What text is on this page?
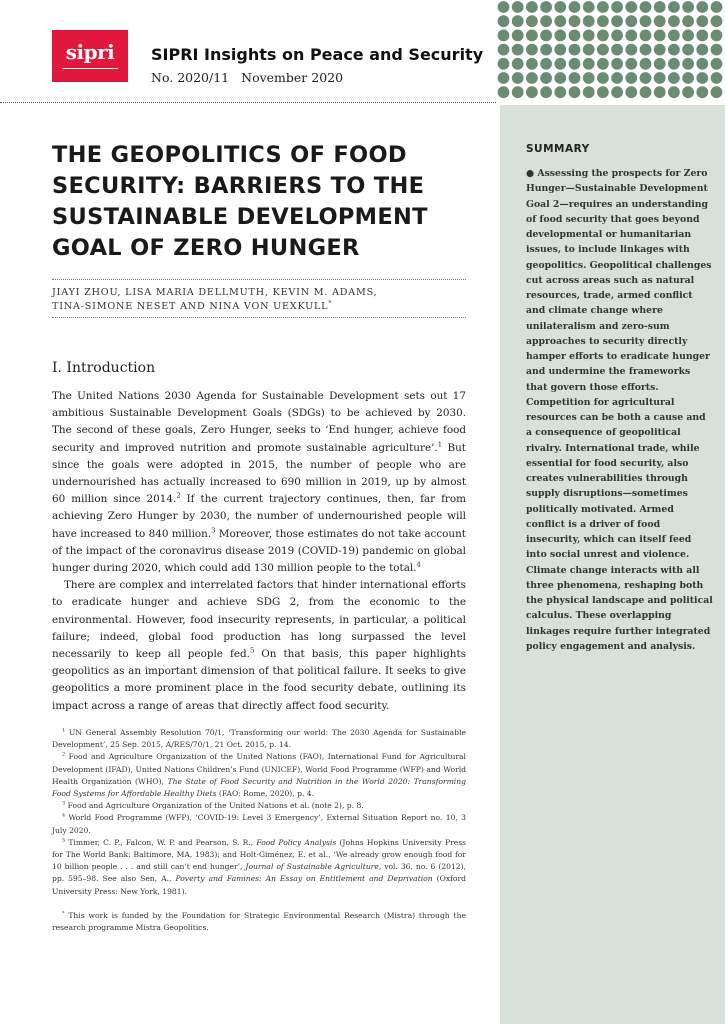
sipri SIPRI Insights on Peace and Security
No. 2020/11 November 2020
THE GEOPOLITICS OF FOOD SECURITY: BARRIERS TO THE SUSTAINABLE DEVELOPMENT GOAL OF ZERO HUNGER

JIAYI ZHOU, LISA MARIA DELLMUTH, KEVIN M. ADAMS,
TINA-SIMONE NESET AND NINA VON UEXKULL*

I. Introduction

The United Nations 2030 Agenda for Sustainable Development sets out 17 ambitious Sustainable Development Goals (SDGs) to be achieved by 2030. The second of these goals, Zero Hunger, seeks to ‘End hunger, achieve food security and improved nutrition and promote sustainable agriculture’.$^1$ But since the goals were adopted in 2015, the number of people who are undernourished has actually increased to 690 million in 2019, up by almost 60 million since 2014.$^2$ If the current trajectory continues, then, far from achieving Zero Hunger by 2030, the number of undernourished people will have increased to 840 million.$^3$ Moreover, those estimates do not take account of the impact of the coronavirus disease 2019 (COVID-19) pandemic on global hunger during 2020, which could add 130 million people to the total.$^4$

There are complex and interrelated factors that hinder international efforts to eradicate hunger and achieve SDG 2, from the economic to the environmental. However, food insecurity represents, in particular, a political failure; indeed, global food production has long surpassed the level necessarily to keep all people fed.$^5$ On that basis, this paper highlights geopolitics as an important dimension of that political failure. It seeks to give geopolitics a more prominent place in the food security debate, outlining its impact across a range of areas that directly affect food security.

$^1$ UN General Assembly Resolution 70/1, ‘Transforming our world: The 2030 Agenda for Sustainable Development’, 25 Sep. 2015, A/RES/70/1, 21 Oct. 2015, p. 14.

$^2$ Food and Agriculture Organization of the United Nations (FAO), International Fund for Agricultural Development (IFAD), United Nations Children’s Fund (UNICEF), World Food Programme (WFP) and World Health Organization (WHO), The State of Food Security and Nutrition in the World 2020: Transforming Food Systems for Affordable Healthy Diets (FAO: Rome, 2020), p. 4.

$^3$ Food and Agriculture Organization of the United Nations et al. (note 2), p. 8.

$^4$ World Food Programme (WFP), ‘COVID-19: Level 3 Emergency’, External Situation Report no. 10, 3 July 2020.

$^5$ Timmer, C. P., Falcon, W. P. and Pearson, S. R., Food Policy Analysis (Johns Hopkins University Press for The World Bank: Baltimore, MA, 1983); and Holt-Giménez, E. et al., ‘We already grow enough food for 10 billion people . . . and still can’t end hunger’, Journal of Sustainable Agriculture, vol. 36, no. 6 (2012), pp. 595–98. See also Sen, A., Poverty and Famines: An Essay on Entitlement and Deprivation (Oxford University Press: New York, 1981).

* This work is funded by the Foundation for Strategic Environmental Research (Mistra) through the research programme Mistra Geopolitics.

SUMMARY

● Assessing the prospects for Zero Hunger—Sustainable Development Goal 2—requires an understanding of food security that goes beyond developmental or humanitarian issues, to include linkages with geopolitics. Geopolitical challenges cut across areas such as natural resources, trade, armed conflict and climate change where unilateralism and zero-sum approaches to security directly hamper efforts to eradicate hunger and undermine the frameworks that govern those efforts. Competition for agricultural resources can be both a cause and a consequence of geopolitical rivalry. International trade, while essential for food security, also creates vulnerabilities through supply disruptions—sometimes politically motivated. Armed conflict is a driver of food insecurity, which can itself feed into social unrest and violence. Climate change interacts with all three phenomena, reshaping both the physical landscape and political calculus. These overlapping linkages require further integrated policy engagement and analysis.
